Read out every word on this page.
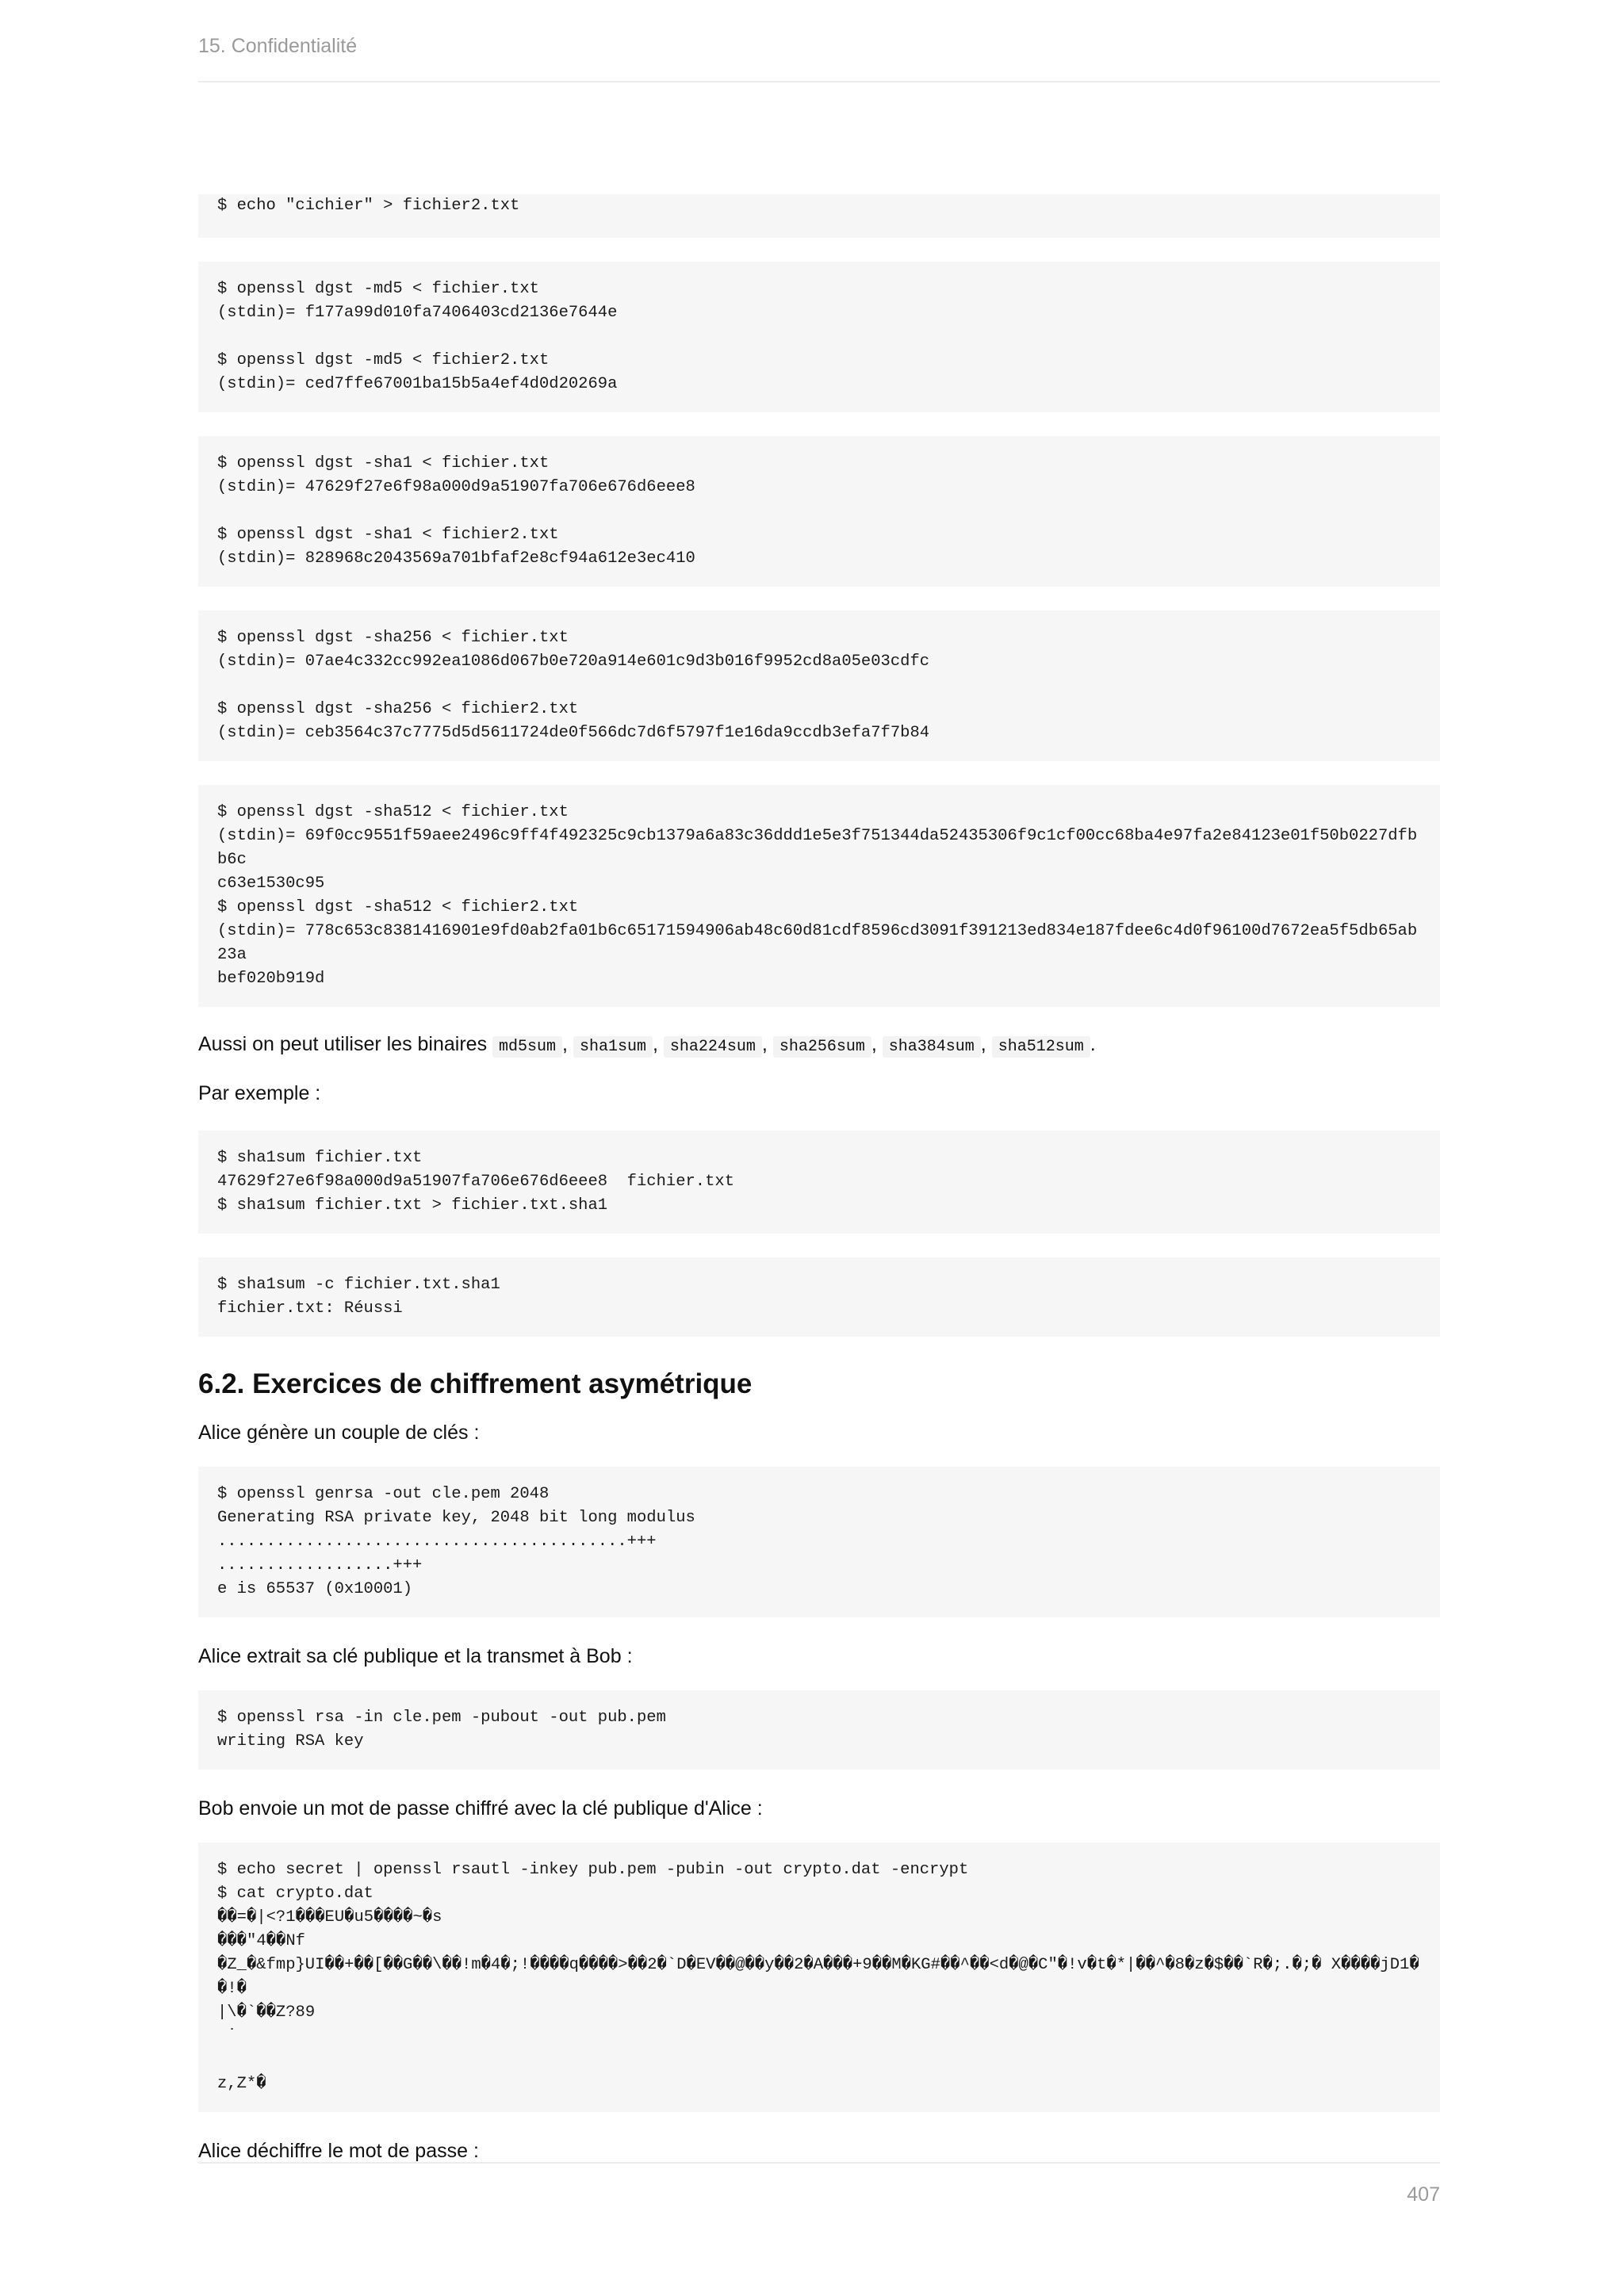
15. Confidentialité
$ echo "cichier" > fichier2.txt
$ openssl dgst -md5 < fichier.txt
(stdin)= f177a99d010fa7406403cd2136e7644e

$ openssl dgst -md5 < fichier2.txt
(stdin)= ced7ffe67001ba15b5a4ef4d0d20269a
$ openssl dgst -sha1 < fichier.txt
(stdin)= 47629f27e6f98a000d9a51907fa706e676d6eee8

$ openssl dgst -sha1 < fichier2.txt
(stdin)= 828968c2043569a701bfaf2e8cf94a612e3ec410
$ openssl dgst -sha256 < fichier.txt
(stdin)= 07ae4c332cc992ea1086d067b0e720a914e601c9d3b016f9952cd8a05e03cdfc

$ openssl dgst -sha256 < fichier2.txt
(stdin)= ceb3564c37c7775d5d5611724de0f566dc7d6f5797f1e16da9ccdb3efa7f7b84
$ openssl dgst -sha512 < fichier.txt
(stdin)= 69f0cc9551f59aee2496c9ff4f492325c9cb1379a6a83c36ddd1e5e3f751344da52435306f9c1cf00cc68ba4e97fa2e84123e01f50b0227dfbb6c
c63e1530c95
$ openssl dgst -sha512 < fichier2.txt
(stdin)= 778c653c8381416901e9fd0ab2fa01b6c65171594906ab48c60d81cdf8596cd3091f391213ed834e187fdee6c4d0f96100d7672ea5f5db65ab23a
bef020b919d

Aussi on peut utiliser les binaires md5sum , sha1sum , sha224sum , sha256sum , sha384sum , sha512sum .

Par exemple :

$ sha1sum fichier.txt
47629f27e6f98a000d9a51907fa706e676d6eee8  fichier.txt
$ sha1sum fichier.txt > fichier.txt.sha1
$ sha1sum -c fichier.txt.sha1
fichier.txt: Réussi
6.2. Exercices de chiffrement asymétrique

Alice génère un couple de clés :

$ openssl genrsa -out cle.pem 2048
Generating RSA private key, 2048 bit long modulus
..........................................+++
..................+++
e is 65537 (0x10001)

Alice extrait sa clé publique et la transmet à Bob :

$ openssl rsa -in cle.pem -pubout -out pub.pem
writing RSA key

Bob envoie un mot de passe chiffré avec la clé publique d'Alice :

$ echo secret | openssl rsautl -inkey pub.pem -pubin -out crypto.dat -encrypt
$ cat crypto.dat
��=�|<?1���EU�u5����~�s
���"4��Nf
�Z_�&fmp}UI��+��[��G��\��!m�4�;!����q����>��2�`D�EV��@��y��2�A���+9��M�KG#��^��<d�@�C"�!v�t�*|��^�8�z�$��`R�;.�;� X����jD1��!�
|\�`��Z?89
˙

z,Z*�

Alice déchiffre le mot de passe :

407
